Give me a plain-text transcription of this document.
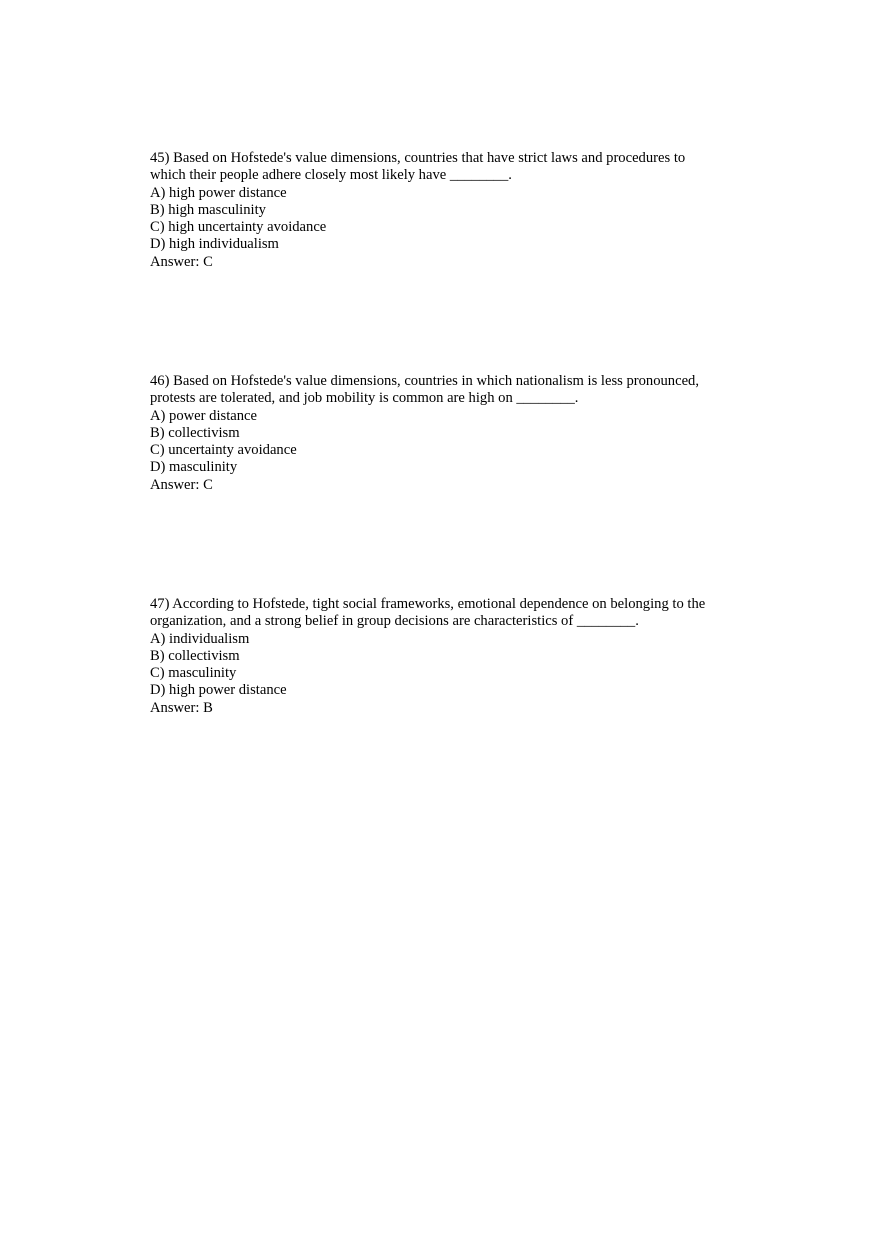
45) Based on Hofstede's value dimensions, countries that have strict laws and procedures to
which their people adhere closely most likely have ________.
A) high power distance
B) high masculinity
C) high uncertainty avoidance
D) high individualism
Answer: C
46) Based on Hofstede's value dimensions, countries in which nationalism is less pronounced,
protests are tolerated, and job mobility is common are high on ________.
A) power distance
B) collectivism
C) uncertainty avoidance
D) masculinity
Answer: C
47) According to Hofstede, tight social frameworks, emotional dependence on belonging to the
organization, and a strong belief in group decisions are characteristics of ________.
A) individualism
B) collectivism
C) masculinity
D) high power distance
Answer: B
